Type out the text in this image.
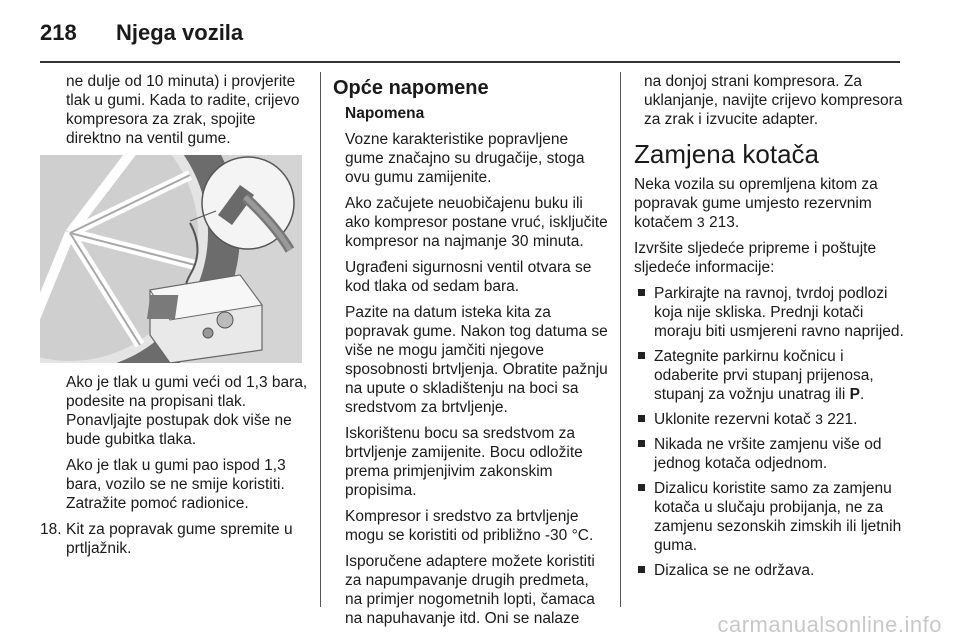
218 Njega vozila

ne dulje od 10 minuta) i provjerite tlak u gumi. Kada to radite, crijevo kompresora za zrak, spojite direktno na ventil gume.

Ako je tlak u gumi veći od 1,3 bara, podesite na propisani tlak. Ponavljajte postupak dok više ne bude gubitka tlaka.

Ako je tlak u gumi pao ispod 1,3 bara, vozilo se ne smije koristiti. Zatražite pomoć radionice.

18. Kit za popravak gume spremite u prtljažnik.
Opće napomene

Napomena

Vozne karakteristike popravljene gume značajno su drugačije, stoga ovu gumu zamijenite.

Ako začujete neuobičajenu buku ili ako kompresor postane vruć, isključite kompresor na najmanje 30 minuta.

Ugrađeni sigurnosni ventil otvara se kod tlaka od sedam bara.

Pazite na datum isteka kita za popravak gume. Nakon tog datuma se više ne mogu jamčiti njegove sposobnosti brtvljenja. Obratite pažnju na upute o skladištenju na boci sa sredstvom za brtvljenje.

Iskorištenu bocu sa sredstvom za brtvljenje zamijenite. Bocu odložite prema primjenjivim zakonskim propisima.

Kompresor i sredstvo za brtvljenje mogu se koristiti od približno -30 °C.

Isporučene adaptere možete koristiti za napumpavanje drugih predmeta, na primjer nogometnih lopti, čamaca na napuhavanje itd. Oni se nalaze

na donjoj strani kompresora. Za uklanjanje, navijte crijevo kompresora za zrak i izvucite adapter.

Zamjena kotača

Neka vozila su opremljena kitom za popravak gume umjesto rezervnim kotačem 3 213.

Izvršite sljedeće pripreme i poštujte sljedeće informacije:

Parkirajte na ravnoj, tvrdoj podlozi koja nije skliska. Prednji kotači moraju biti usmjereni ravno naprijed.
Zategnite parkirnu kočnicu i odaberite prvi stupanj prijenosa, stupanj za vožnju unatrag ili P.
Uklonite rezervni kotač 3 221.
Nikada ne vršite zamjenu više od jednog kotača odjednom.
Dizalicu koristite samo za zamjenu kotača u slučaju probijanja, ne za zamjenu sezonskih zimskih ili ljetnih guma.
Dizalica se ne održava.
carmanualsonline.info
